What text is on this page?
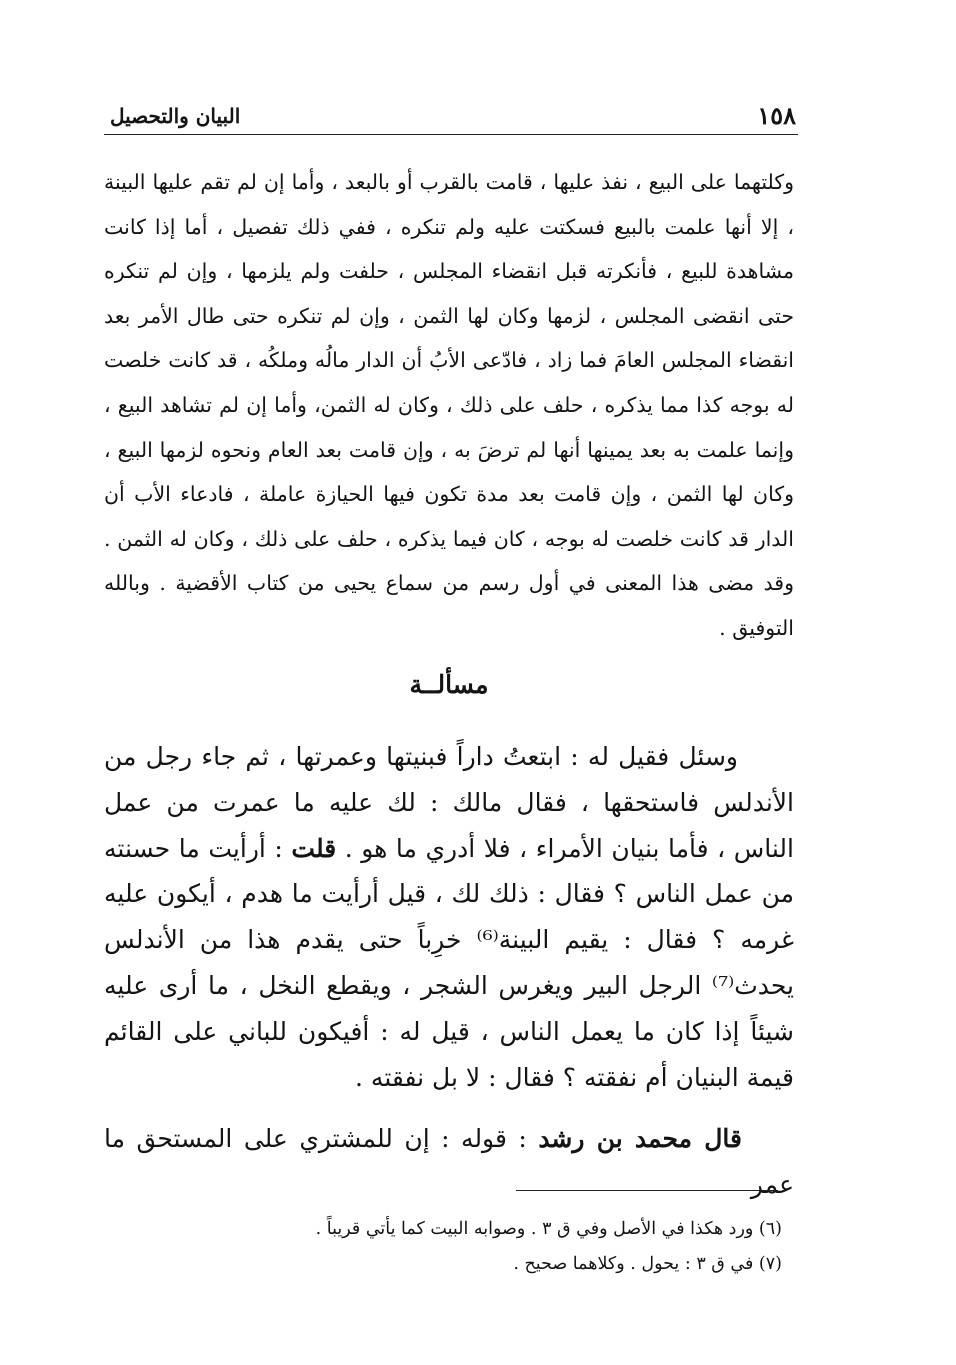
١٥٨
البيان والتحصيل

وكلتهما على البيع ، نفذ عليها ، قامت بالقرب أو بالبعد ، وأما إن لم تقم عليها البينة ، إلا أنها علمت بالبيع فسكتت عليه ولم تنكره ، ففي ذلك تفصيل ، أما إذا كانت مشاهدة للبيع ، فأنكرته قبل انقضاء المجلس ، حلفت ولم يلزمها ، وإن لم تنكره حتى انقضى المجلس ، لزمها وكان لها الثمن ، وإن لم تنكره حتى طال الأمر بعد انقضاء المجلس العامَ فما زاد ، فادّعى الأبُ أن الدار مالُه وملكُه ، قد كانت خلصت له بوجه كذا مما يذكره ، حلف على ذلك ، وكان له الثمن، وأما إن لم تشاهد البيع ، وإنما علمت به بعد يمينها أنها لم ترضَ به ، وإن قامت بعد العام ونحوه لزمها البيع ، وكان لها الثمن ، وإن قامت بعد مدة تكون فيها الحيازة عاملة ، فادعاء الأب أن الدار قد كانت خلصت له بوجه ، كان فيما يذكره ، حلف على ذلك ، وكان له الثمن . وقد مضى هذا المعنى في أول رسم من سماع يحيى من كتاب الأقضية . وبالله التوفيق .

مسألــة

وسئل فقيل له : ابتعتُ داراً فبنيتها وعمرتها ، ثم جاء رجل من الأندلس فاستحقها ، فقال مالك : لك عليه ما عمرت من عمل الناس ، فأما بنيان الأمراء ، فلا أدري ما هو . قلت : أرأيت ما حسنته من عمل الناس ؟ فقال : ذلك لك ، قيل أرأيت ما هدم ، أيكون عليه غرمه ؟ فقال : يقيم البينة⁽⁶⁾ خرِباً حتى يقدم هذا من الأندلس يحدث⁽⁷⁾ الرجل البير ويغرس الشجر ، ويقطع النخل ، ما أرى عليه شيئاً إذا كان ما يعمل الناس ، قيل له : أفيكون للباني على القائم قيمة البنيان أم نفقته ؟ فقال : لا بل نفقته .

قال محمد بن رشد : قوله : إن للمشتري على المستحق ما عمر

(٦) ورد هكذا في الأصل وفي ق ٣ . وصوابه البيت كما يأتي قريباً .

(٧) في ق ٣ : يحول . وكلاهما صحيح .
